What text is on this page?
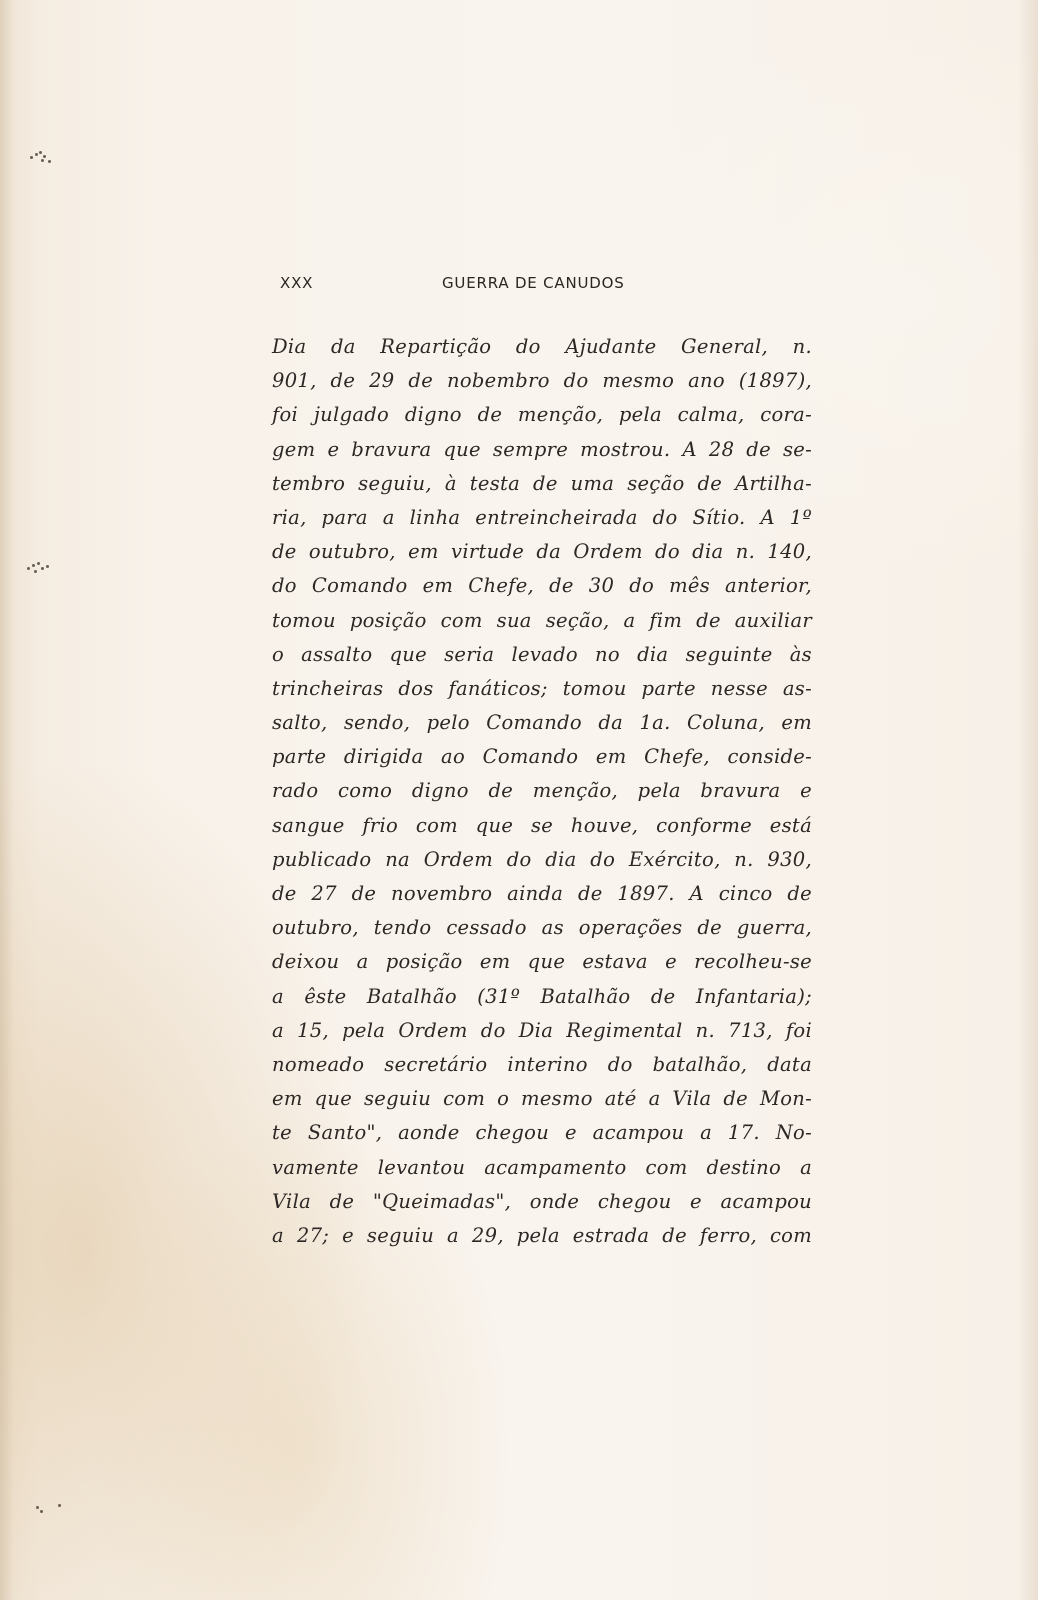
XXX	GUERRA DE CANUDOS
Dia da Repartição do Ajudante General, n.
901, de 29 de nobembro do mesmo ano (1897),
foi julgado digno de menção, pela calma, cora-
gem e bravura que sempre mostrou. A 28 de se-
tembro seguiu, à testa de uma seção de Artilha-
ria, para a linha entreincheirada do Sítio. A 1º
de outubro, em virtude da Ordem do dia n. 140,
do Comando em Chefe, de 30 do mês anterior,
tomou posição com sua seção, a fim de auxiliar
o assalto que seria levado no dia seguinte às
trincheiras dos fanáticos; tomou parte nesse as-
salto, sendo, pelo Comando da 1a. Coluna, em
parte dirigida ao Comando em Chefe, conside-
rado como digno de menção, pela bravura e
sangue frio com que se houve, conforme está
publicado na Ordem do dia do Exército, n. 930,
de 27 de novembro ainda de 1897. A cinco de
outubro, tendo cessado as operações de guerra,
deixou a posição em que estava e recolheu-se
a êste Batalhão (31º Batalhão de Infantaria);
a 15, pela Ordem do Dia Regimental n. 713, foi
nomeado secretário interino do batalhão, data
em que seguiu com o mesmo até a Vila de Mon-
te Santo", aonde chegou e acampou a 17. No-
vamente levantou acampamento com destino a
Vila de "Queimadas", onde chegou e acampou
a 27; e seguiu a 29, pela estrada de ferro, com
